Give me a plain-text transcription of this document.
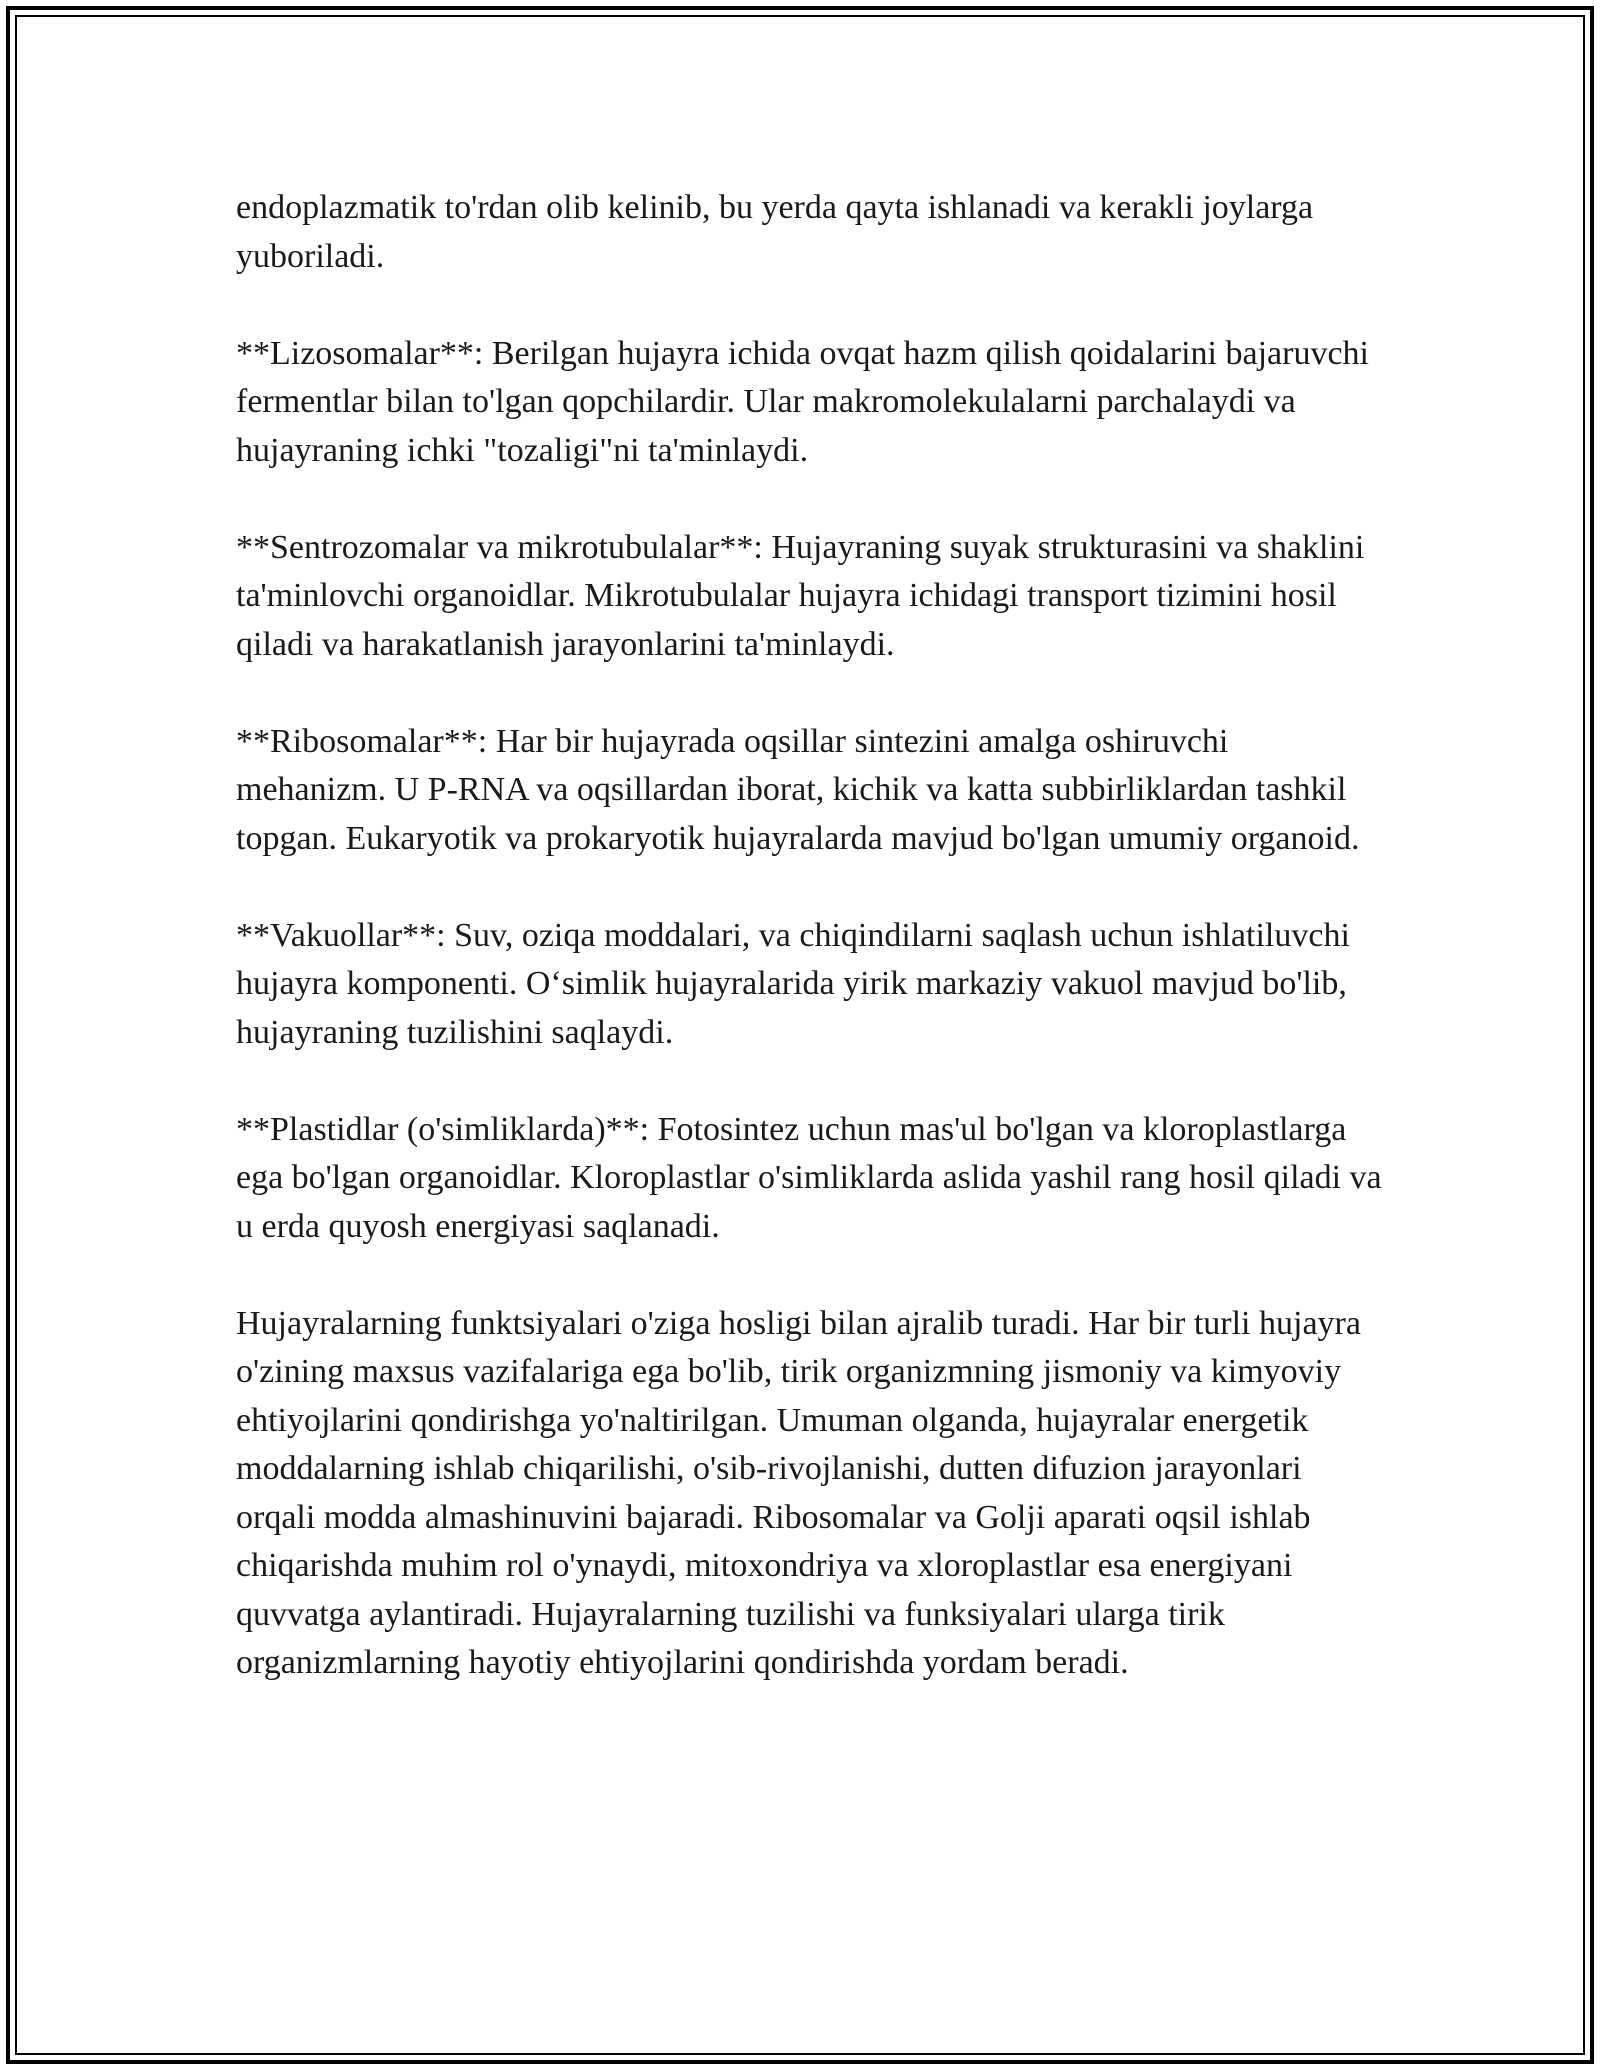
endoplazmatik to'rdan olib kelinib, bu yerda qayta ishlanadi va kerakli joylarga yuboriladi.

**Lizosomalar**: Berilgan hujayra ichida ovqat hazm qilish qoidalarini bajaruvchi fermentlar bilan to'lgan qopchilardir. Ular makromolekulalarni parchalaydi va hujayraning ichki "tozaligi"ni ta'minlaydi.

**Sentrozomalar va mikrotubulalar**: Hujayraning suyak strukturasini va shaklini ta'minlovchi organoidlar. Mikrotubulalar hujayra ichidagi transport tizimini hosil qiladi va harakatlanish jarayonlarini ta'minlaydi.

**Ribosomalar**: Har bir hujayrada oqsillar sintezini amalga oshiruvchi mehanizm. U P-RNA va oqsillardan iborat, kichik va katta subbirliklardan tashkil topgan. Eukaryotik va prokaryotik hujayralarda mavjud bo'lgan umumiy organoid.

**Vakuollar**: Suv, oziqa moddalari, va chiqindilarni saqlash uchun ishlatiluvchi hujayra komponenti. O‘simlik hujayralarida yirik markaziy vakuol mavjud bo'lib, hujayraning tuzilishini saqlaydi.

**Plastidlar (o'simliklarda)**: Fotosintez uchun mas'ul bo'lgan va kloroplastlarga ega bo'lgan organoidlar. Kloroplastlar o'simliklarda aslida yashil rang hosil qiladi va u erda quyosh energiyasi saqlanadi.

Hujayralarning funktsiyalari o'ziga hosligi bilan ajralib turadi. Har bir turli hujayra o'zining maxsus vazifalariga ega bo'lib, tirik organizmning jismoniy va kimyoviy ehtiyojlarini qondirishga yo'naltirilgan. Umuman olganda, hujayralar energetik moddalarning ishlab chiqarilishi, o'sib-rivojlanishi, dutten difuzion jarayonlari orqali modda almashinuvini bajaradi. Ribosomalar va Golji aparati oqsil ishlab chiqarishda muhim rol o'ynaydi, mitoxondriya va xloroplastlar esa energiyani quvvatga aylantiradi. Hujayralarning tuzilishi va funksiyalari ularga tirik organizmlarning hayotiy ehtiyojlarini qondirishda yordam beradi.
